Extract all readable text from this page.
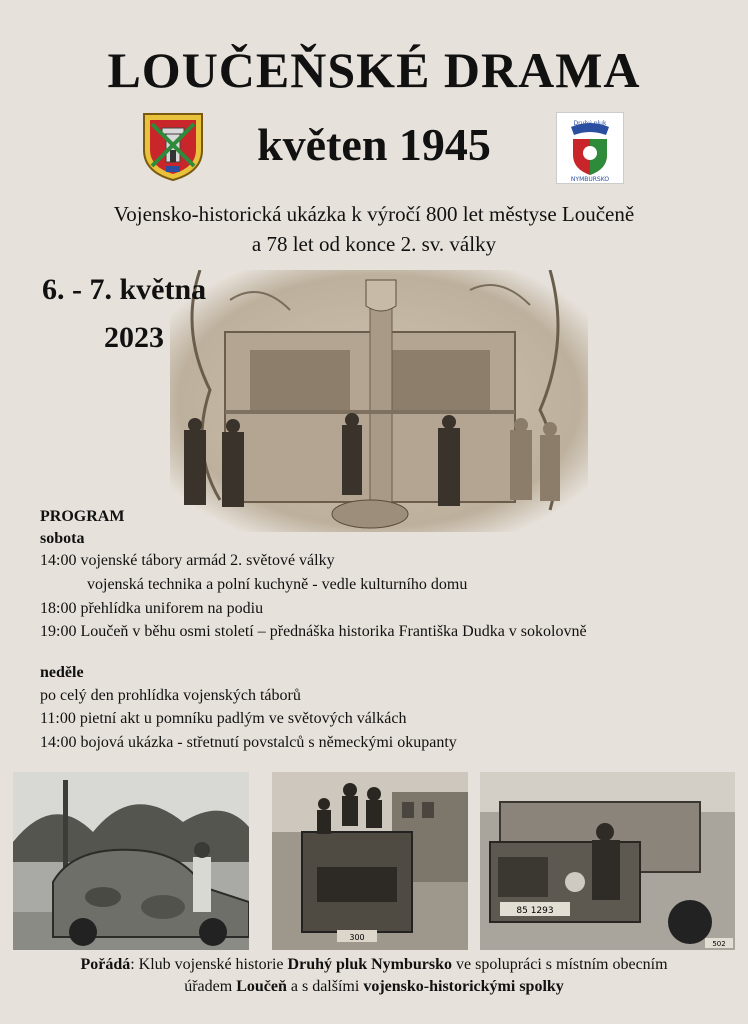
LOUČEŇSKÉ DRAMA
květen 1945	Druhý pluk
NYMBURSKO
Vojensko-historická ukázka k výročí 800 let městyse Loučeně
a 78 let od konce 2. sv. války
6. - 7. května
2023
PROGRAM
sobota
14:00 vojenské tábory armád 2. světové války
vojenská technika a polní kuchyně - vedle kulturního domu
18:00 přehlídka uniforem na podiu
19:00 Loučeň v běhu osmi století – přednáška historika Františka Dudka v sokolovně
neděle
po celý den prohlídka vojenských táborů
11:00 pietní akt u pomníku padlým ve světových válkách
14:00 bojová ukázka - střetnutí povstalců s německými okupanty
300
85 1293
502
Pořádá: Klub vojenské historie Druhý pluk Nymbursko ve spolupráci s místním obecním
úřadem Loučeň a s dalšími vojensko-historickými spolky
